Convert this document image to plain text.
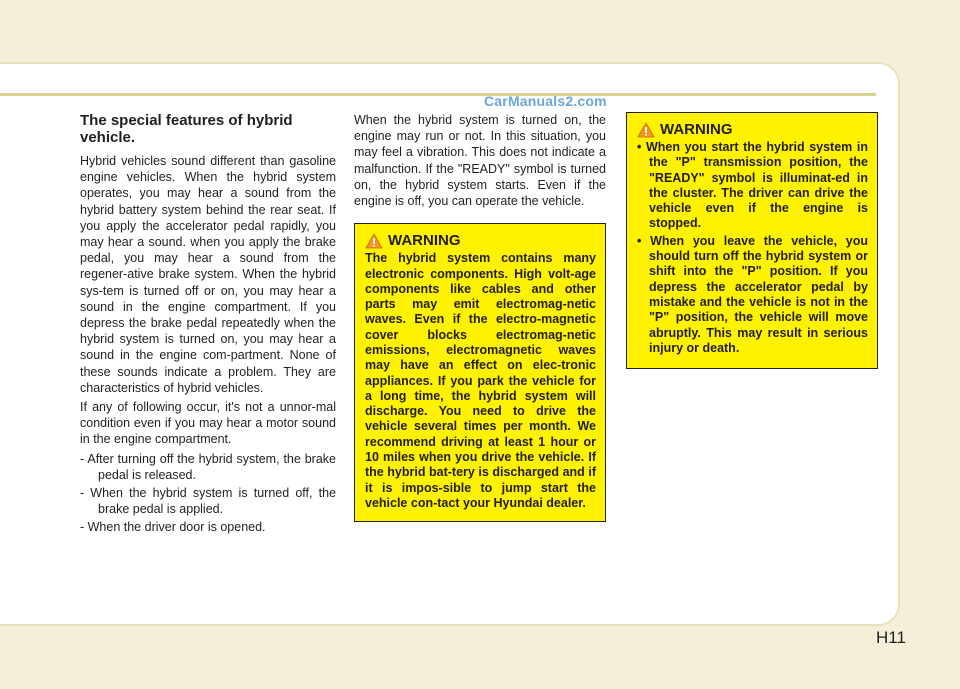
CarManuals2.com
The special features of hybrid vehicle.

Hybrid vehicles sound different than gasoline engine vehicles. When the hybrid system operates, you may hear a sound from the hybrid battery system behind the rear seat. If you apply the accelerator pedal rapidly, you may hear a sound. when you apply the brake pedal, you may hear a sound from the regener-ative brake system. When the hybrid sys-tem is turned off or on, you may hear a sound in the engine compartment. If you depress the brake pedal repeatedly when the hybrid system is turned on, you may hear a sound in the engine com-partment. None of these sounds indicate a problem. They are characteristics of hybrid vehicles.

If any of following occur, it's not a unnor-mal condition even if you may hear a motor sound in the engine compartment.

- After turning off the hybrid system, the brake pedal is released.
- When the hybrid system is turned off, the brake pedal is applied.
- When the driver door is opened.

When the hybrid system is turned on, the engine may run or not. In this situation, you may feel a vibration. This does not indicate a malfunction. If the "READY" symbol is turned on, the hybrid system starts. Even if the engine is off, you can operate the vehicle.

WARNING

The hybrid system contains many electronic components. High volt-age components like cables and other parts may emit electromag-netic waves. Even if the electro-magnetic cover blocks electromag-netic emissions, electromagnetic waves may have an effect on elec-tronic appliances. If you park the vehicle for a long time, the hybrid system will discharge. You need to drive the vehicle several times per month. We recommend driving at least 1 hour or 10 miles when you drive the vehicle. If the hybrid bat-tery is discharged and if it is impos-sible to jump start the vehicle con-tact your Hyundai dealer.

WARNING
• When you start the hybrid system in the "P" transmission position, the "READY" symbol is illuminat-ed in the cluster. The driver can drive the vehicle even if the engine is stopped.
• When you leave the vehicle, you should turn off the hybrid system or shift into the "P" position. If you depress the accelerator pedal by mistake and the vehicle is not in the "P" position, the vehicle will move abruptly. This may result in serious injury or death.
H11
